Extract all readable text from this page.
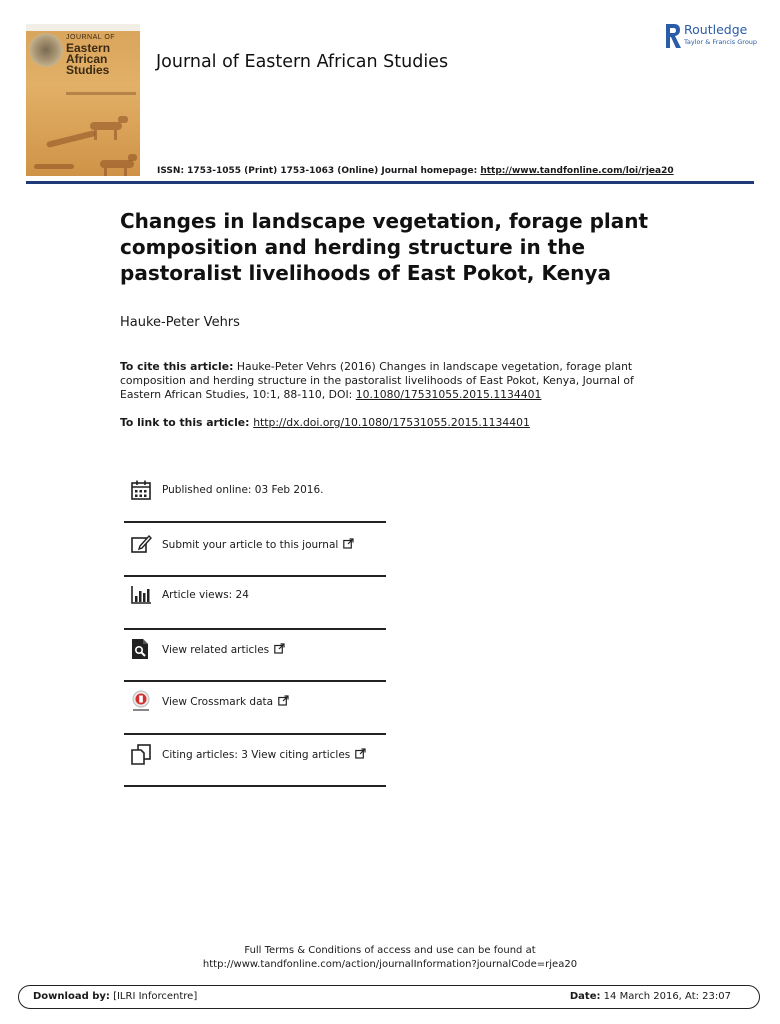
JOURNAL OF
Eastern
African
Studies	Journal of Eastern African Studies
Routledge
Taylor & Francis Group
ISSN: 1753-1055 (Print) 1753-1063 (Online) Journal homepage: http://www.tandfonline.com/loi/rjea20
Changes in landscape vegetation, forage plant composition and herding structure in the pastoralist livelihoods of East Pokot, Kenya
Hauke-Peter Vehrs
To cite this article: Hauke-Peter Vehrs (2016) Changes in landscape vegetation, forage plant composition and herding structure in the pastoralist livelihoods of East Pokot, Kenya, Journal of Eastern African Studies, 10:1, 88-110, DOI: 10.1080/17531055.2015.1134401
To link to this article: http://dx.doi.org/10.1080/17531055.2015.1134401
Published online: 03 Feb 2016.
Submit your article to this journal
Article views: 24
View related articles
View Crossmark data
Citing articles: 3 View citing articles
Full Terms & Conditions of access and use can be found at
http://www.tandfonline.com/action/journalInformation?journalCode=rjea20
Download by: [ILRI Inforcentre]	Date: 14 March 2016, At: 23:07
